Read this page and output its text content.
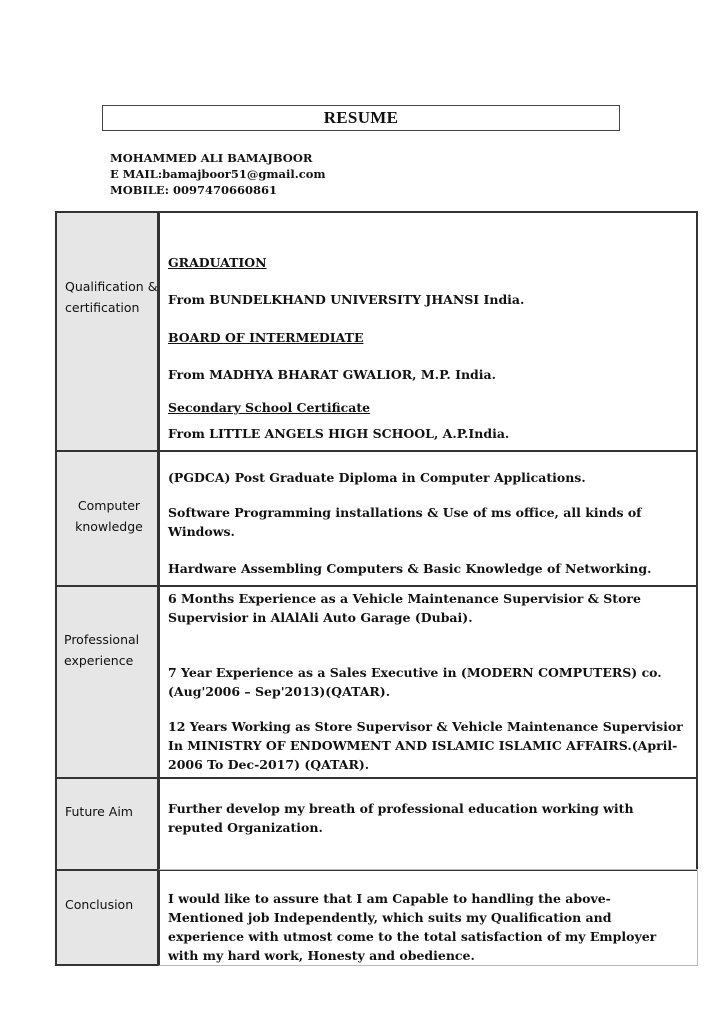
RESUME
MOHAMMED ALI BAMAJBOOR
E MAIL:bamajboor51@gmail.com
MOBILE: 0097470660861
Qualification & certification

GRADUATION

From BUNDELKHAND UNIVERSITY JHANSI India.

BOARD OF INTERMEDIATE

From MADHYA BHARAT GWALIOR, M.P. India.

Secondary School Certificate

From LITTLE ANGELS HIGH SCHOOL, A.P.India.

Computer knowledge

(PGDCA) Post Graduate Diploma in Computer Applications.

Software Programming installations & Use of ms office, all kinds of Windows.

Hardware Assembling Computers & Basic Knowledge of Networking.

Professional experience

6 Months Experience as a Vehicle Maintenance Supervisior & Store Supervisior in AlAlAli Auto Garage (Dubai).

7 Year Experience as a Sales Executive in (MODERN COMPUTERS) co.(Aug'2006 – Sep'2013)(QATAR).

12 Years Working as Store Supervisor & Vehicle Maintenance Supervisior In MINISTRY OF ENDOWMENT AND ISLAMIC ISLAMIC AFFAIRS.(April-2006 To Dec-2017) (QATAR).

Future Aim	Further develop my breath of professional education working with reputed Organization.

Conclusion	I would like to assure that I am Capable to handling the above- Mentioned job Independently, which suits my Qualification and experience with utmost come to the total satisfaction of my Employer with my hard work, Honesty and obedience.
